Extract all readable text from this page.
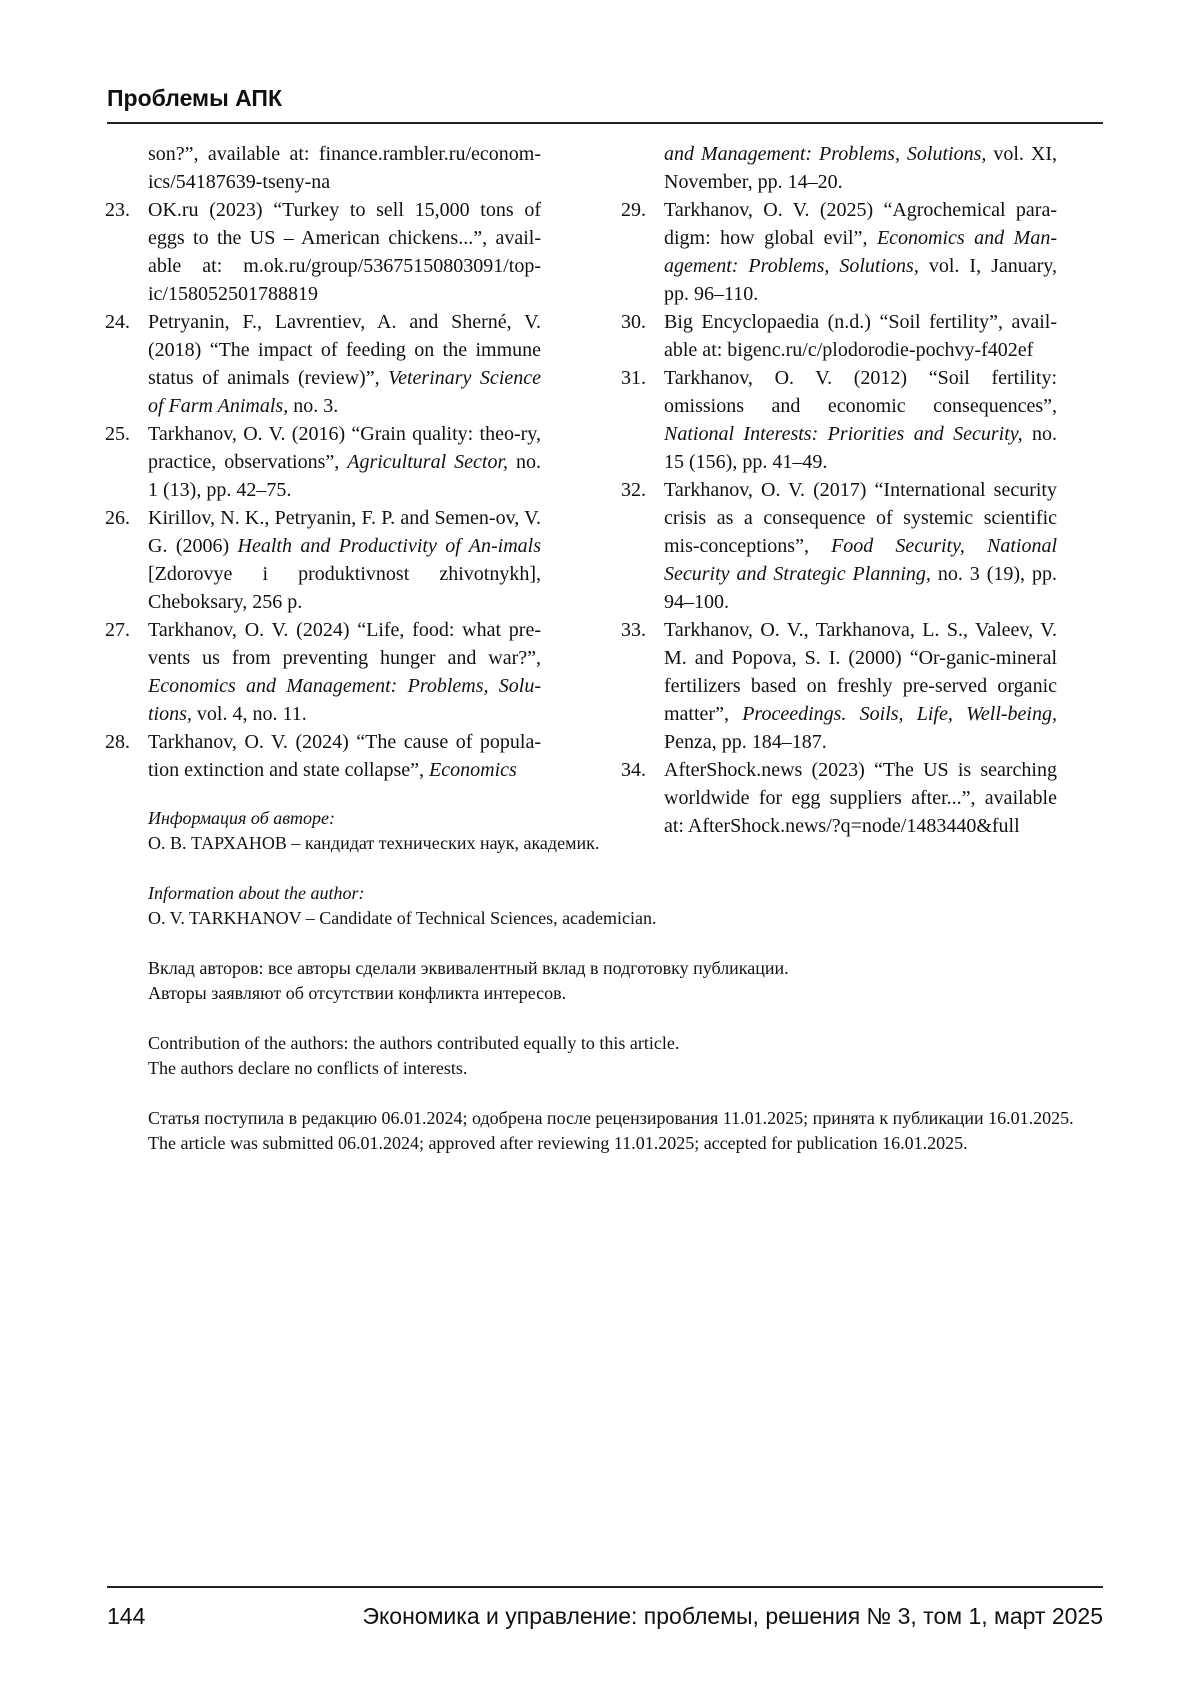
Проблемы АПК

son?”, available at: finance.rambler.ru/econom-ics/54187639-tseny-na

23. OK.ru (2023) “Turkey to sell 15,000 tons of eggs to the US – American chickens...”, avail-able at: m.ok.ru/group/53675150803091/top-ic/158052501788819

24. Petryanin, F., Lavrentiev, A. and Sherné, V. (2018) “The impact of feeding on the immune status of animals (review)”, Veterinary Science of Farm Animals, no. 3.

25. Tarkhanov, O. V. (2016) “Grain quality: theo-ry, practice, observations”, Agricultural Sector, no. 1 (13), pp. 42–75.

26. Kirillov, N. K., Petryanin, F. P. and Semen-ov, V. G. (2006) Health and Productivity of An-imals [Zdorovye i produktivnost zhivotnykh], Cheboksary, 256 p.

27. Tarkhanov, O. V. (2024) “Life, food: what pre-vents us from preventing hunger and war?”, Economics and Management: Problems, Solu-tions, vol. 4, no. 11.

28. Tarkhanov, O. V. (2024) “The cause of popula-tion extinction and state collapse”, Economics

and Management: Problems, Solutions, vol. XI, November, pp. 14–20.

29. Tarkhanov, O. V. (2025) “Agrochemical para-digm: how global evil”, Economics and Man-agement: Problems, Solutions, vol. I, January, pp. 96–110.

30. Big Encyclopaedia (n.d.) “Soil fertility”, avail-able at: bigenc.ru/c/plodorodie-pochvy-f402ef

31. Tarkhanov, O. V. (2012) “Soil fertility: omissions and economic consequences”, National Interests: Priorities and Security, no. 15 (156), pp. 41–49.

32. Tarkhanov, O. V. (2017) “International security crisis as a consequence of systemic scientific mis-conceptions”, Food Security, National Security and Strategic Planning, no. 3 (19), pp. 94–100.

33. Tarkhanov, O. V., Tarkhanova, L. S., Valeev, V. M. and Popova, S. I. (2000) “Or-ganic-mineral fertilizers based on freshly pre-served organic matter”, Proceedings. Soils, Life, Well-being, Penza, pp. 184–187.

34. AfterShock.news (2023) “The US is searching worldwide for egg suppliers after...”, available at: AfterShock.news/?q=node/1483440&full

Информация об авторе:

О. В. ТАРХАНОВ – кандидат технических наук, академик.

Information about the author:

O. V. TARKHANOV – Candidate of Technical Sciences, academician.

Вклад авторов: все авторы сделали эквивалентный вклад в подготовку публикации.

Авторы заявляют об отсутствии конфликта интересов.

Contribution of the authors: the authors contributed equally to this article.

The authors declare no conflicts of interests.

Статья поступила в редакцию 06.01.2024; одобрена после рецензирования 11.01.2025; принята к публикации 16.01.2025.

The article was submitted 06.01.2024; approved after reviewing 11.01.2025; accepted for publication 16.01.2025.

144	Экономика и управление: проблемы, решения № 3, том 1, март 2025
